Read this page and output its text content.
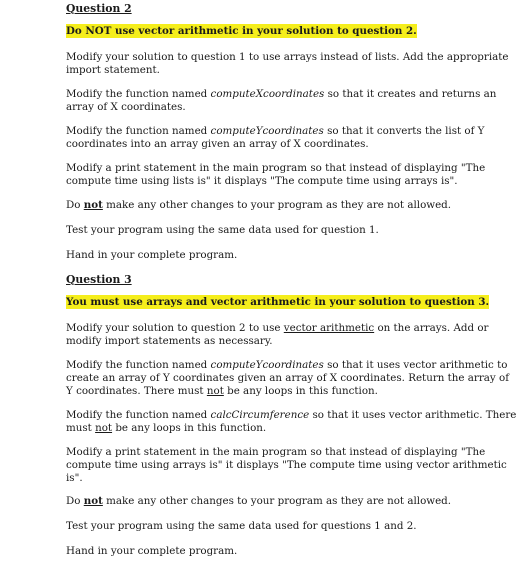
Question 2
Do NOT use vector arithmetic in your solution to question 2.
Modify your solution to question 1 to use arrays instead of lists. Add the appropriate
import statement.
Modify the function named computeXcoordinates so that it creates and returns an
array of X coordinates.
Modify the function named computeYcoordinates so that it converts the list of Y
coordinates into an array given an array of X coordinates.
Modify a print statement in the main program so that instead of displaying "The
compute time using lists is" it displays "The compute time using arrays is".
Do not make any other changes to your program as they are not allowed.
Test your program using the same data used for question 1.
Hand in your complete program.
Question 3
You must use arrays and vector arithmetic in your solution to question 3.
Modify your solution to question 2 to use vector arithmetic on the arrays. Add or
modify import statements as necessary.
Modify the function named computeYcoordinates so that it uses vector arithmetic to
create an array of Y coordinates given an array of X coordinates. Return the array of
Y coordinates. There must not be any loops in this function.
Modify the function named calcCircumference so that it uses vector arithmetic. There
must not be any loops in this function.
Modify a print statement in the main program so that instead of displaying "The
compute time using arrays is" it displays "The compute time using vector arithmetic
is".
Do not make any other changes to your program as they are not allowed.
Test your program using the same data used for questions 1 and 2.
Hand in your complete program.
